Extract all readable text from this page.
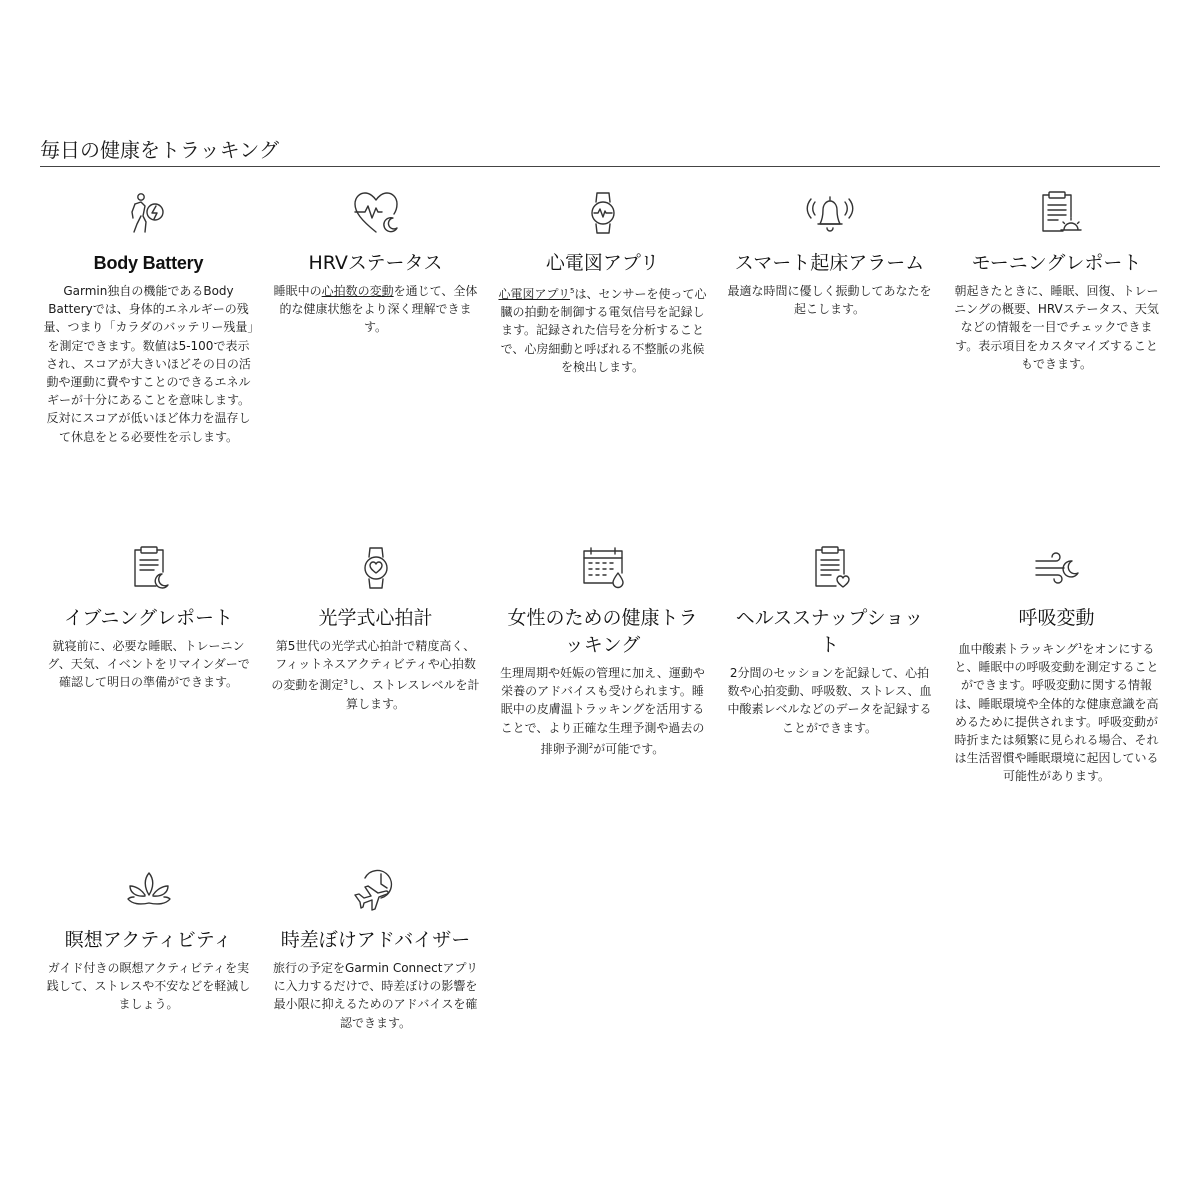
毎日の健康をトラッキング
Body Battery

Garmin独自の機能であるBody Batteryでは、身体的エネルギーの残量、つまり「カラダのバッテリー残量」を測定できます。数値は5-100で表示され、スコアが大きいほどその日の活動や運動に費やすことのできるエネルギーが十分にあることを意味します。反対にスコアが低いほど体力を温存して休息をとる必要性を示します。

HRVステータス

睡眠中の心拍数の変動を通じて、全体的な健康状態をより深く理解できます。

心電図アプリ

心電図アプリ$^5$は、センサーを使って心臓の拍動を制御する電気信号を記録します。記録された信号を分析することで、心房細動と呼ばれる不整脈の兆候を検出します。

スマート起床アラーム

最適な時間に優しく振動してあなたを起こします。

モーニングレポート

朝起きたときに、睡眠、回復、トレーニングの概要、HRVステータス、天気などの情報を一目でチェックできます。表示項目をカスタマイズすることもできます。

イブニングレポート

就寝前に、必要な睡眠、トレーニング、天気、イベントをリマインダーで確認して明日の準備ができます。

光学式心拍計

第5世代の光学式心拍計で精度高く、フィットネスアクティビティや心拍数の変動を測定$^3$し、ストレスレベルを計算します。

女性のための健康トラッキング

生理周期や妊娠の管理に加え、運動や栄養のアドバイスも受けられます。睡眠中の皮膚温トラッキングを活用することで、より正確な生理予測や過去の排卵予測$^2$が可能です。

ヘルススナップショット

2分間のセッションを記録して、心拍数や心拍変動、呼吸数、ストレス、血中酸素レベルなどのデータを記録することができます。

呼吸変動

血中酸素トラッキング$^1$をオンにすると、睡眠中の呼吸変動を測定することができます。呼吸変動に関する情報は、睡眠環境や全体的な健康意識を高めるために提供されます。呼吸変動が時折または頻繁に見られる場合、それは生活習慣や睡眠環境に起因している可能性があります。

瞑想アクティビティ

ガイド付きの瞑想アクティビティを実践して、ストレスや不安などを軽減しましょう。

時差ぼけアドバイザー

旅行の予定をGarmin Connectアプリに入力するだけで、時差ぼけの影響を最小限に抑えるためのアドバイスを確認できます。
